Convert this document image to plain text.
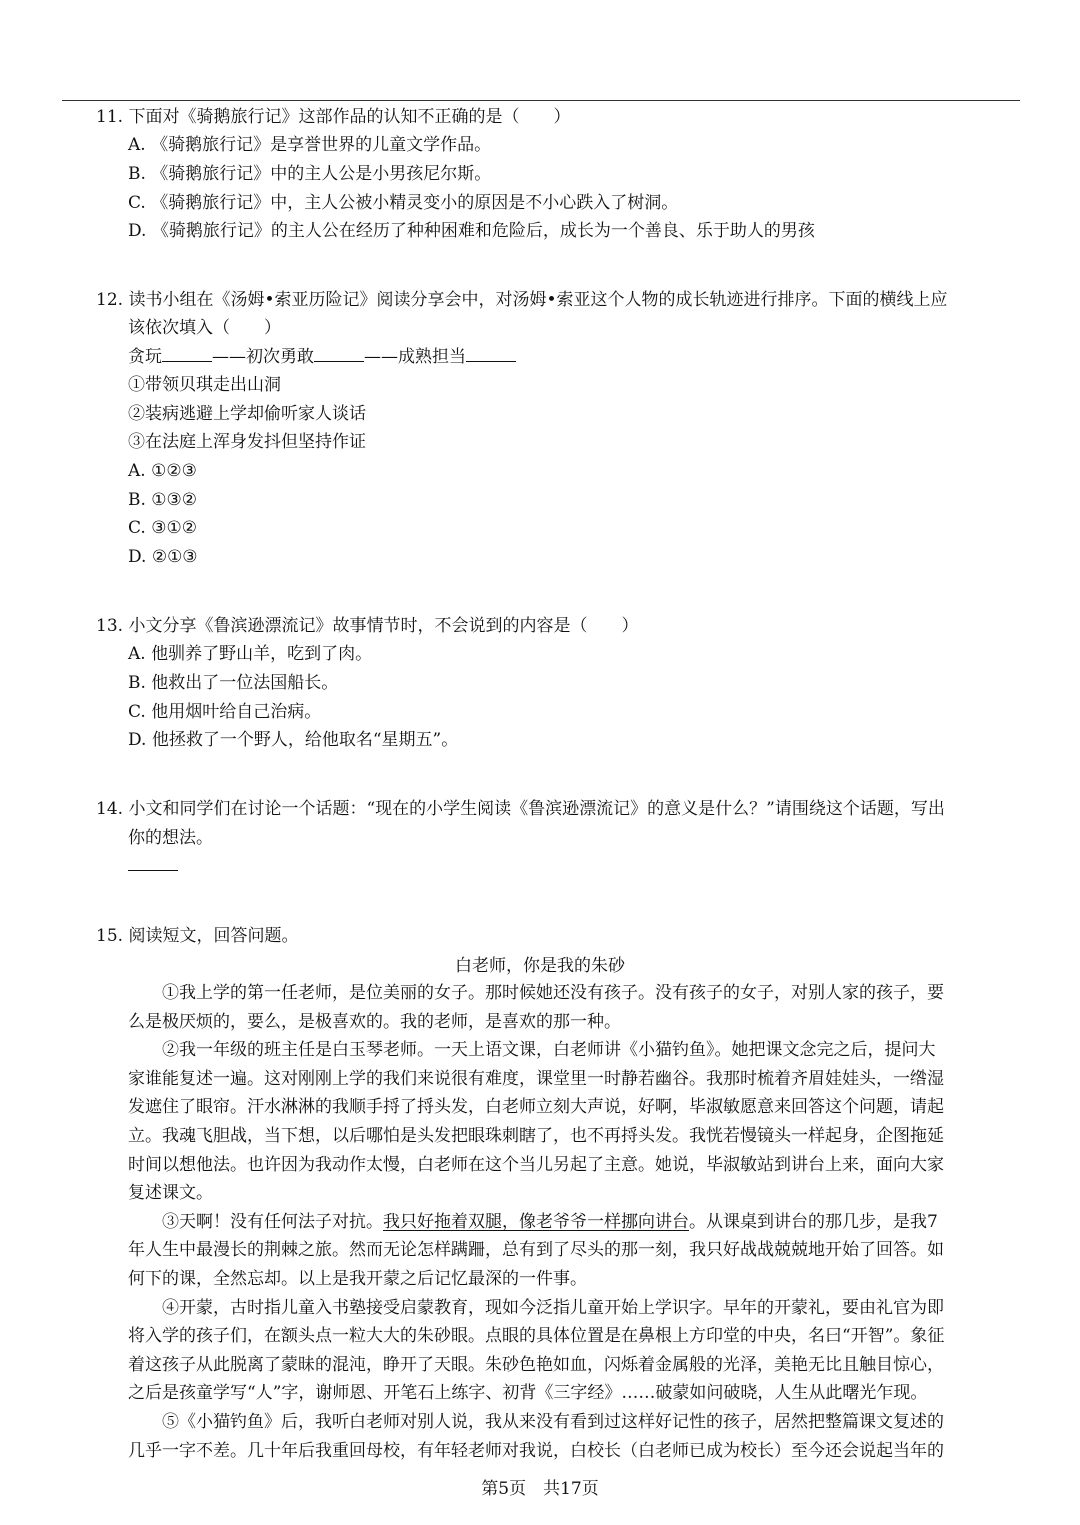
11. 下面对《骑鹅旅行记》这部作品的认知不正确的是（　　）
A. 《骑鹅旅行记》是享誉世界的儿童文学作品。
B. 《骑鹅旅行记》中的主人公是小男孩尼尔斯。
C. 《骑鹅旅行记》中，主人公被小精灵变小的原因是不小心跌入了树洞。
D. 《骑鹅旅行记》的主人公在经历了种种困难和危险后，成长为一个善良、乐于助人的男孩
12. 读书小组在《汤姆•索亚历险记》阅读分享会中，对汤姆•索亚这个人物的成长轨迹进行排序。下面的横线上应
该依次填入（　　）
贪玩	——初次勇敢	——成熟担当
①带领贝琪走出山洞
②装病逃避上学却偷听家人谈话
③在法庭上浑身发抖但坚持作证
A. ①②③
B. ①③②
C. ③①②
D. ②①③
13. 小文分享《鲁滨逊漂流记》故事情节时，不会说到的内容是（　　）
A. 他驯养了野山羊，吃到了肉。
B. 他救出了一位法国船长。
C. 他用烟叶给自己治病。
D. 他拯救了一个野人，给他取名“星期五”。
14. 小文和同学们在讨论一个话题：“现在的小学生阅读《鲁滨逊漂流记》的意义是什么？”请围绕这个话题，写出
你的想法。
15. 阅读短文，回答问题。
白老师，你是我的朱砂
　　①我上学的第一任老师，是位美丽的女子。那时候她还没有孩子。没有孩子的女子，对别人家的孩子，要
么是极厌烦的，要么，是极喜欢的。我的老师，是喜欢的那一种。
　　②我一年级的班主任是白玉琴老师。一天上语文课，白老师讲《小猫钓鱼》。她把课文念完之后，提问大
家谁能复述一遍。这对刚刚上学的我们来说很有难度，课堂里一时静若幽谷。我那时梳着齐眉娃娃头，一绺湿
发遮住了眼帘。汗水淋淋的我顺手捋了捋头发，白老师立刻大声说，好啊，毕淑敏愿意来回答这个问题，请起
立。我魂飞胆战，当下想，以后哪怕是头发把眼珠刺瞎了，也不再捋头发。我恍若慢镜头一样起身，企图拖延
时间以想他法。也许因为我动作太慢，白老师在这个当儿另起了主意。她说，毕淑敏站到讲台上来，面向大家
复述课文。
　　③天啊！没有任何法子对抗。我只好拖着双腿，像老爷爷一样挪向讲台。从课桌到讲台的那几步，是我7
年人生中最漫长的荆棘之旅。然而无论怎样蹒跚，总有到了尽头的那一刻，我只好战战兢兢地开始了回答。如
何下的课，全然忘却。以上是我开蒙之后记忆最深的一件事。
　　④开蒙，古时指儿童入书塾接受启蒙教育，现如今泛指儿童开始上学识字。早年的开蒙礼，要由礼官为即
将入学的孩子们，在额头点一粒大大的朱砂眼。点眼的具体位置是在鼻根上方印堂的中央，名曰“开智”。象征
着这孩子从此脱离了蒙昧的混沌，睁开了天眼。朱砂色艳如血，闪烁着金属般的光泽，美艳无比且触目惊心，
之后是孩童学写“人”字，谢师恩、开笔石上练字、初背《三字经》……破蒙如问破晓，人生从此曙光乍现。
　　⑤《小猫钓鱼》后，我听白老师对别人说，我从来没有看到过这样好记性的孩子，居然把整篇课文复述的
几乎一字不差。几十年后我重回母校，有年轻老师对我说，白校长（白老师已成为校长）至今还会说起当年的
第5页　共17页
